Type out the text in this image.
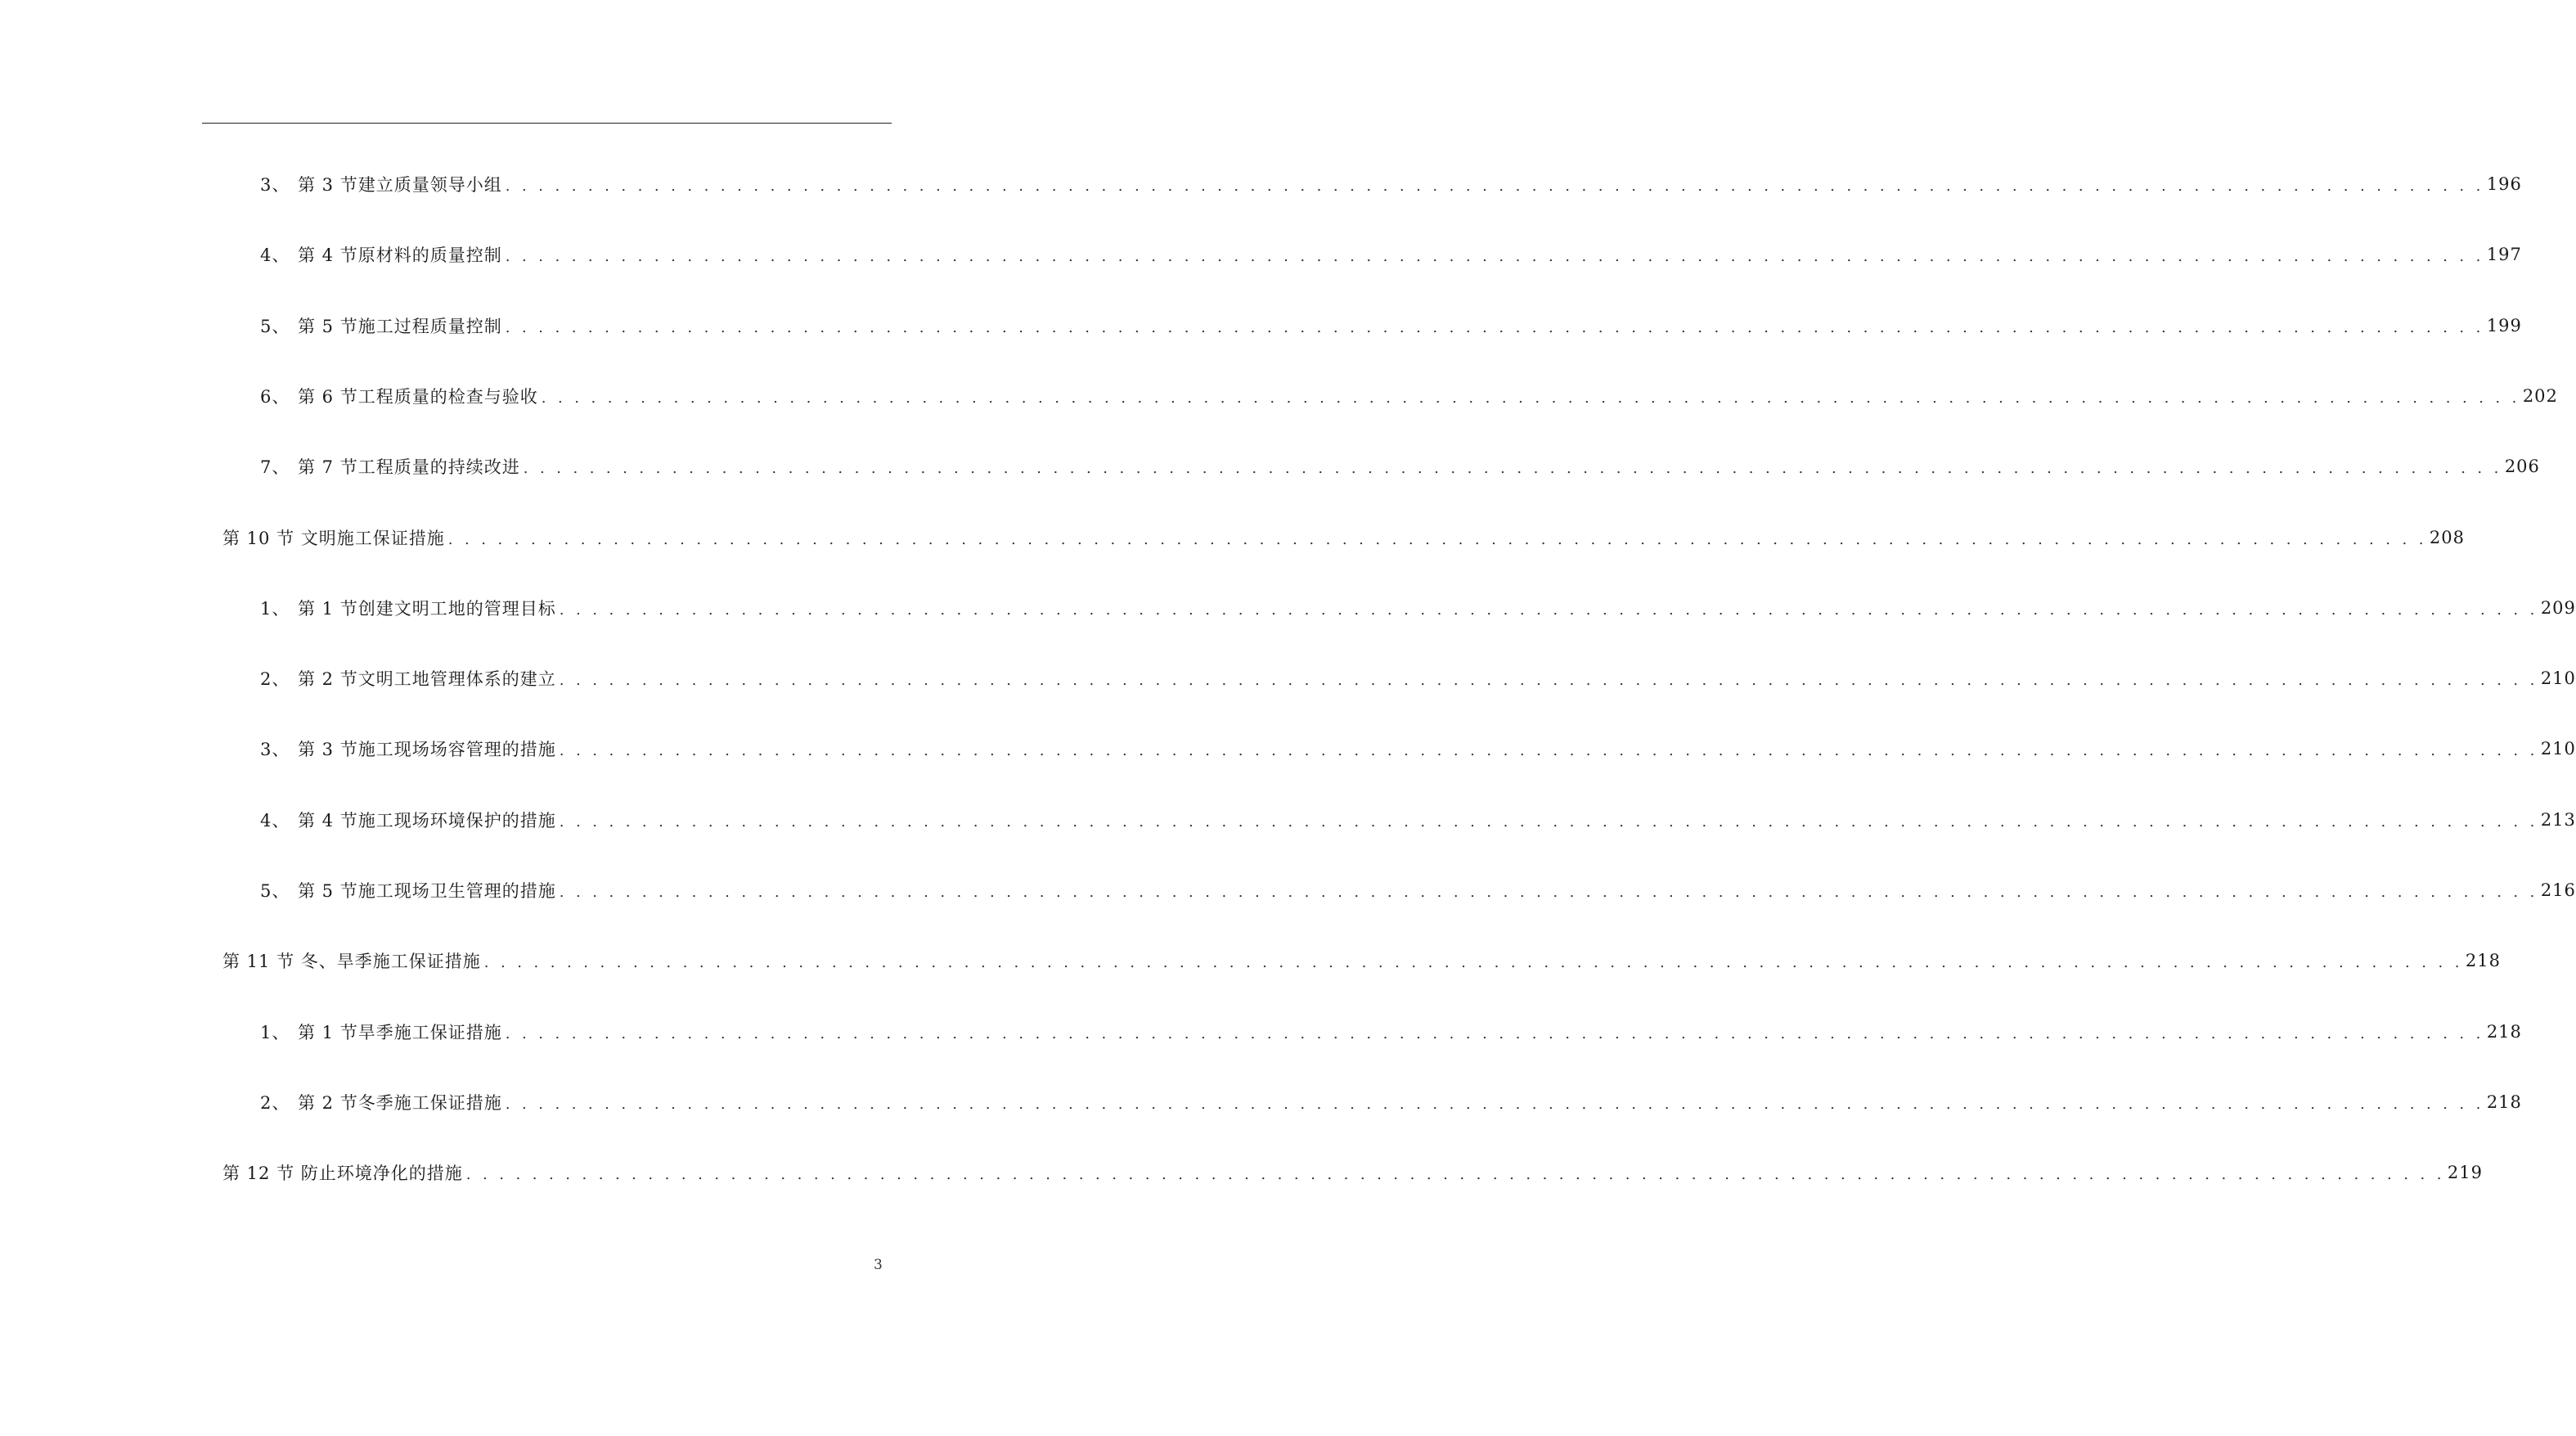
3、 第 3 节建立质量领导小组 . . . . . . . . . . . . . . . . . . . . . . . . . . . . . . . . . . . . . . . . . . . . . . . . . . . . . . . . . . . . . . . . . . . . . . . . . . . . . . . . . . . . . . . . . . . . . . . . . . . . . . . . . . . . . . . . . . . . . . . . 196
4、 第 4 节原材料的质量控制 . . . . . . . . . . . . . . . . . . . . . . . . . . . . . . . . . . . . . . . . . . . . . . . . . . . . . . . . . . . . . . . . . . . . . . . . . . . . . . . . . . . . . . . . . . . . . . . . . . . . . . . . . . . . . . . . . . . . . . . . 197
5、 第 5 节施工过程质量控制 . . . . . . . . . . . . . . . . . . . . . . . . . . . . . . . . . . . . . . . . . . . . . . . . . . . . . . . . . . . . . . . . . . . . . . . . . . . . . . . . . . . . . . . . . . . . . . . . . . . . . . . . . . . . . . . . . . . . . . . . 199
6、 第 6 节工程质量的检查与验收 . . . . . . . . . . . . . . . . . . . . . . . . . . . . . . . . . . . . . . . . . . . . . . . . . . . . . . . . . . . . . . . . . . . . . . . . . . . . . . . . . . . . . . . . . . . . . . . . . . . . . . . . . . . . . . . . . . . . . . . . 202
7、 第 7 节工程质量的持续改进 . . . . . . . . . . . . . . . . . . . . . . . . . . . . . . . . . . . . . . . . . . . . . . . . . . . . . . . . . . . . . . . . . . . . . . . . . . . . . . . . . . . . . . . . . . . . . . . . . . . . . . . . . . . . . . . . . . . . . . . . 206
第 10 节 文明施工保证措施 . . . . . . . . . . . . . . . . . . . . . . . . . . . . . . . . . . . . . . . . . . . . . . . . . . . . . . . . . . . . . . . . . . . . . . . . . . . . . . . . . . . . . . . . . . . . . . . . . . . . . . . . . . . . . . . . . . . . . . . . 208
1、 第 1 节创建文明工地的管理目标 . . . . . . . . . . . . . . . . . . . . . . . . . . . . . . . . . . . . . . . . . . . . . . . . . . . . . . . . . . . . . . . . . . . . . . . . . . . . . . . . . . . . . . . . . . . . . . . . . . . . . . . . . . . . . . . . . . . . . . . . 209
2、 第 2 节文明工地管理体系的建立 . . . . . . . . . . . . . . . . . . . . . . . . . . . . . . . . . . . . . . . . . . . . . . . . . . . . . . . . . . . . . . . . . . . . . . . . . . . . . . . . . . . . . . . . . . . . . . . . . . . . . . . . . . . . . . . . . . . . . . . . 210
3、 第 3 节施工现场场容管理的措施 . . . . . . . . . . . . . . . . . . . . . . . . . . . . . . . . . . . . . . . . . . . . . . . . . . . . . . . . . . . . . . . . . . . . . . . . . . . . . . . . . . . . . . . . . . . . . . . . . . . . . . . . . . . . . . . . . . . . . . . . 210
4、 第 4 节施工现场环境保护的措施 . . . . . . . . . . . . . . . . . . . . . . . . . . . . . . . . . . . . . . . . . . . . . . . . . . . . . . . . . . . . . . . . . . . . . . . . . . . . . . . . . . . . . . . . . . . . . . . . . . . . . . . . . . . . . . . . . . . . . . . . 213
5、 第 5 节施工现场卫生管理的措施 . . . . . . . . . . . . . . . . . . . . . . . . . . . . . . . . . . . . . . . . . . . . . . . . . . . . . . . . . . . . . . . . . . . . . . . . . . . . . . . . . . . . . . . . . . . . . . . . . . . . . . . . . . . . . . . . . . . . . . . . 216
第 11 节 冬、旱季施工保证措施 . . . . . . . . . . . . . . . . . . . . . . . . . . . . . . . . . . . . . . . . . . . . . . . . . . . . . . . . . . . . . . . . . . . . . . . . . . . . . . . . . . . . . . . . . . . . . . . . . . . . . . . . . . . . . . . . . . . . . . . . 218
1、 第 1 节旱季施工保证措施 . . . . . . . . . . . . . . . . . . . . . . . . . . . . . . . . . . . . . . . . . . . . . . . . . . . . . . . . . . . . . . . . . . . . . . . . . . . . . . . . . . . . . . . . . . . . . . . . . . . . . . . . . . . . . . . . . . . . . . . . 218
2、 第 2 节冬季施工保证措施 . . . . . . . . . . . . . . . . . . . . . . . . . . . . . . . . . . . . . . . . . . . . . . . . . . . . . . . . . . . . . . . . . . . . . . . . . . . . . . . . . . . . . . . . . . . . . . . . . . . . . . . . . . . . . . . . . . . . . . . . 218
第 12 节 防止环境净化的措施 . . . . . . . . . . . . . . . . . . . . . . . . . . . . . . . . . . . . . . . . . . . . . . . . . . . . . . . . . . . . . . . . . . . . . . . . . . . . . . . . . . . . . . . . . . . . . . . . . . . . . . . . . . . . . . . . . . . . . . . . 219
3
